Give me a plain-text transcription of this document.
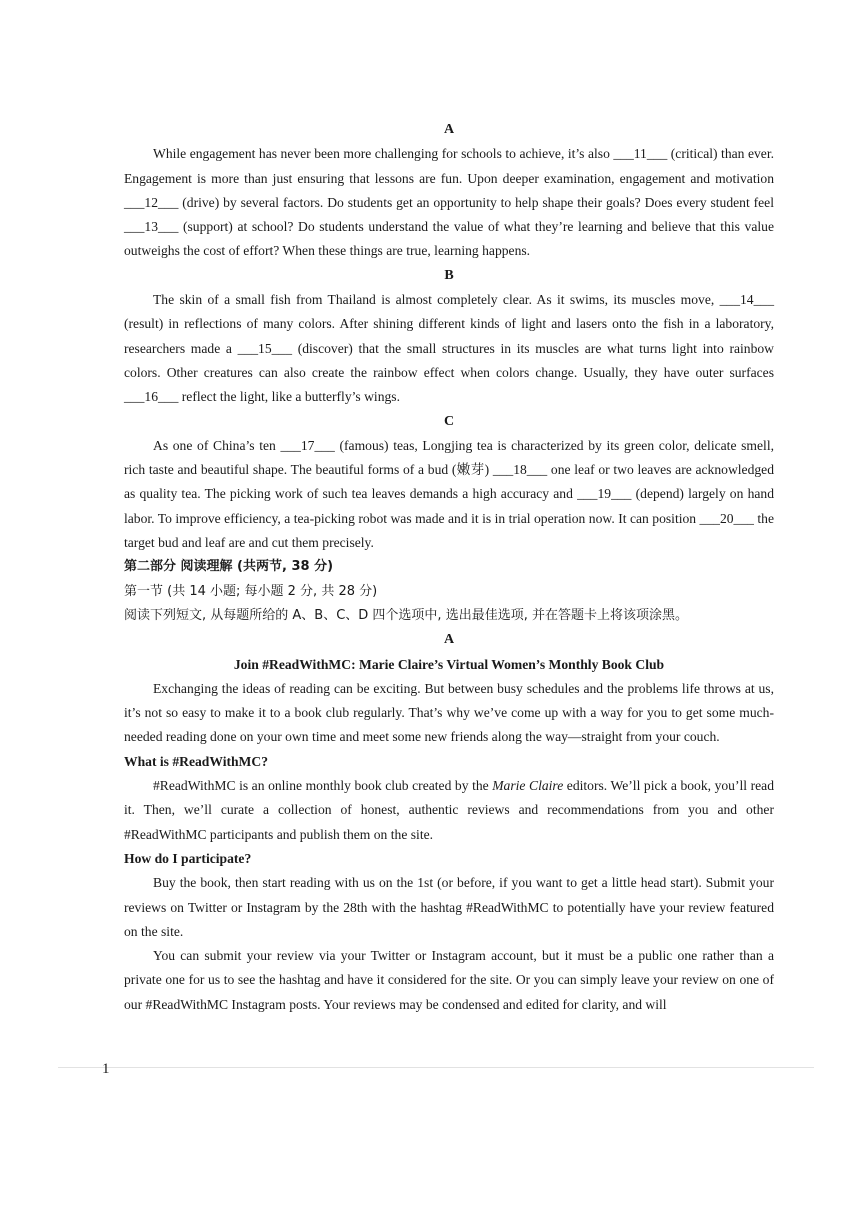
A

While engagement has never been more challenging for schools to achieve, it’s also ___11___ (critical) than ever. Engagement is more than just ensuring that lessons are fun. Upon deeper examination, engagement and motivation ___12___ (drive) by several factors. Do students get an opportunity to help shape their goals? Does every student feel ___13___ (support) at school? Do students understand the value of what they’re learning and believe that this value outweighs the cost of effort? When these things are true, learning happens.

B

The skin of a small fish from Thailand is almost completely clear. As it swims, its muscles move, ___14___ (result) in reflections of many colors. After shining different kinds of light and lasers onto the fish in a laboratory, researchers made a ___15___ (discover) that the small structures in its muscles are what turns light into rainbow colors. Other creatures can also create the rainbow effect when colors change. Usually, they have outer surfaces ___16___ reflect the light, like a butterfly’s wings.

C

As one of China’s ten ___17___ (famous) teas, Longjing tea is characterized by its green color, delicate smell, rich taste and beautiful shape. The beautiful forms of a bud (嫩芽) ___18___ one leaf or two leaves are acknowledged as quality tea. The picking work of such tea leaves demands a high accuracy and ___19___ (depend) largely on hand labor. To improve efficiency, a tea-picking robot was made and it is in trial operation now. It can position ___20___ the target bud and leaf are and cut them precisely.

第二部分 阅读理解 (共两节, 38 分)

第一节 (共 14 小题; 每小题 2 分, 共 28 分)

阅读下列短文, 从每题所给的 A、B、C、D 四个选项中, 选出最佳选项, 并在答题卡上将该项涂黑。

A

Join #ReadWithMC: Marie Claire’s Virtual Women’s Monthly Book Club

Exchanging the ideas of reading can be exciting. But between busy schedules and the problems life throws at us, it’s not so easy to make it to a book club regularly. That’s why we’ve come up with a way for you to get some much-needed reading done on your own time and meet some new friends along the way—straight from your couch.

What is #ReadWithMC?

#ReadWithMC is an online monthly book club created by the Marie Claire editors. We’ll pick a book, you’ll read it. Then, we’ll curate a collection of honest, authentic reviews and recommendations from you and other #ReadWithMC participants and publish them on the site.

How do I participate?

Buy the book, then start reading with us on the 1st (or before, if you want to get a little head start). Submit your reviews on Twitter or Instagram by the 28th with the hashtag #ReadWithMC to potentially have your review featured on the site.

You can submit your review via your Twitter or Instagram account, but it must be a public one rather than a private one for us to see the hashtag and have it considered for the site. Or you can simply leave your review on one of our #ReadWithMC Instagram posts. Your reviews may be condensed and edited for clarity, and will

1
